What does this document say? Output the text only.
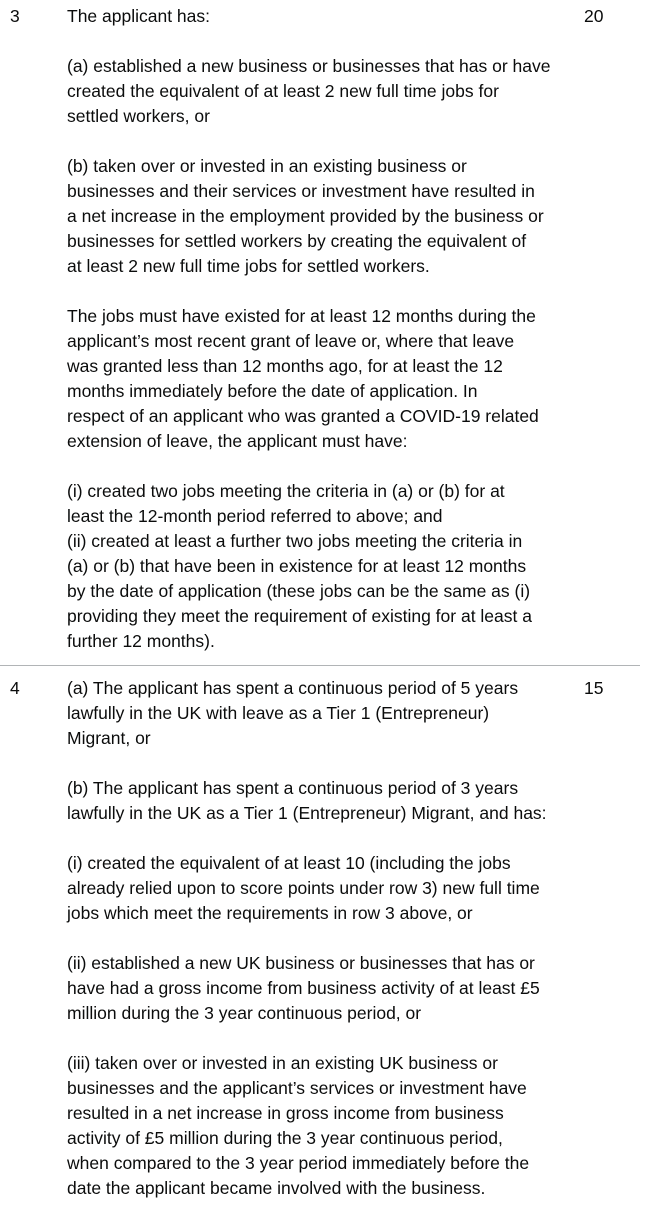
3	The applicant has:

(a) established a new business or businesses that has or have
created the equivalent of at least 2 new full time jobs for
settled workers, or

(b) taken over or invested in an existing business or
businesses and their services or investment have resulted in
a net increase in the employment provided by the business or
businesses for settled workers by creating the equivalent of
at least 2 new full time jobs for settled workers.

The jobs must have existed for at least 12 months during the
applicant’s most recent grant of leave or, where that leave
was granted less than 12 months ago, for at least the 12
months immediately before the date of application. In
respect of an applicant who was granted a COVID-19 related
extension of leave, the applicant must have:

(i) created two jobs meeting the criteria in (a) or (b) for at
least the 12-month period referred to above; and
(ii) created at least a further two jobs meeting the criteria in
(a) or (b) that have been in existence for at least 12 months
by the date of application (these jobs can be the same as (i)
providing they meet the requirement of existing for at least a
further 12 months).

20
4	(a) The applicant has spent a continuous period of 5 years
lawfully in the UK with leave as a Tier 1 (Entrepreneur)
Migrant, or

(b) The applicant has spent a continuous period of 3 years
lawfully in the UK as a Tier 1 (Entrepreneur) Migrant, and has:

(i) created the equivalent of at least 10 (including the jobs
already relied upon to score points under row 3) new full time
jobs which meet the requirements in row 3 above, or

(ii) established a new UK business or businesses that has or
have had a gross income from business activity of at least £5
million during the 3 year continuous period, or

(iii) taken over or invested in an existing UK business or
businesses and the applicant’s services or investment have
resulted in a net increase in gross income from business
activity of £5 million during the 3 year continuous period,
when compared to the 3 year period immediately before the
date the applicant became involved with the business.

15
